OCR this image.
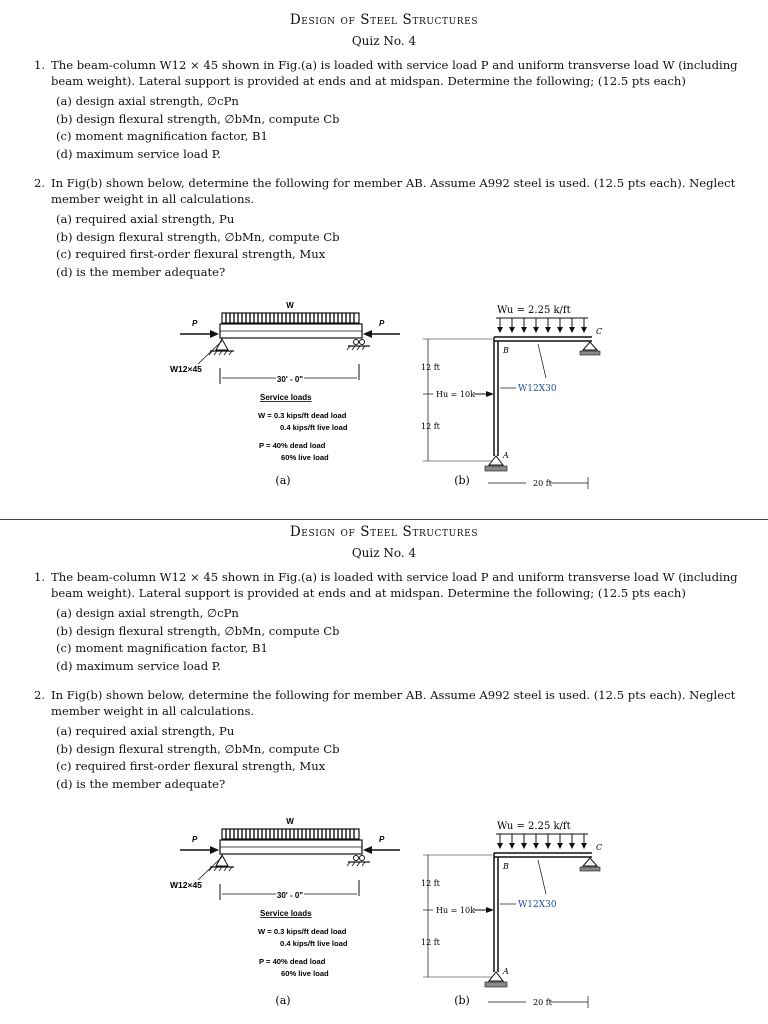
Design of Steel Structures
Quiz No. 4
1. The beam-column W12 × 45 shown in Fig.(a) is loaded with service load P and uniform transverse load W (including beam weight). Lateral support is provided at ends and at midspan. Determine the following; (12.5 pts each)
(a) design axial strength, ∅cPn
(b) design flexural strength, ∅bMn, compute Cb
(c) moment magnification factor, B1
(d) maximum service load P.
2. In Fig(b) shown below, determine the following for member AB. Assume A992 steel is used. (12.5 pts each). Neglect member weight in all calculations.
(a) required axial strength, Pu
(b) design flexural strength, ∅bMn, compute Cb
(c) required first-order flexural strength, Mux
(d) is the member adequate?
W
P	P
W12×45
30' - 0"
Service loads
W = 0.3 kips/ft dead load
0.4 kips/ft live load
P = 40% dead load
60% live load
(a)
Wu = 2.25 k/ft
B
C
A
12 ft
12 ft
Hu = 10k
W12X30
20 ft
(b)
Design of Steel Structures
Quiz No. 4
1. The beam-column W12 × 45 shown in Fig.(a) is loaded with service load P and uniform transverse load W (including beam weight). Lateral support is provided at ends and at midspan. Determine the following; (12.5 pts each)
(a) design axial strength, ∅cPn
(b) design flexural strength, ∅bMn, compute Cb
(c) moment magnification factor, B1
(d) maximum service load P.
2. In Fig(b) shown below, determine the following for member AB. Assume A992 steel is used. (12.5 pts each). Neglect member weight in all calculations.
(a) required axial strength, Pu
(b) design flexural strength, ∅bMn, compute Cb
(c) required first-order flexural strength, Mux
(d) is the member adequate?
W
P	P
W12×45
30' - 0"
Service loads
W = 0.3 kips/ft dead load
0.4 kips/ft live load
P = 40% dead load
60% live load
(a)
Wu = 2.25 k/ft
B
C
A
12 ft
12 ft
Hu = 10k
W12X30
20 ft
(b)
